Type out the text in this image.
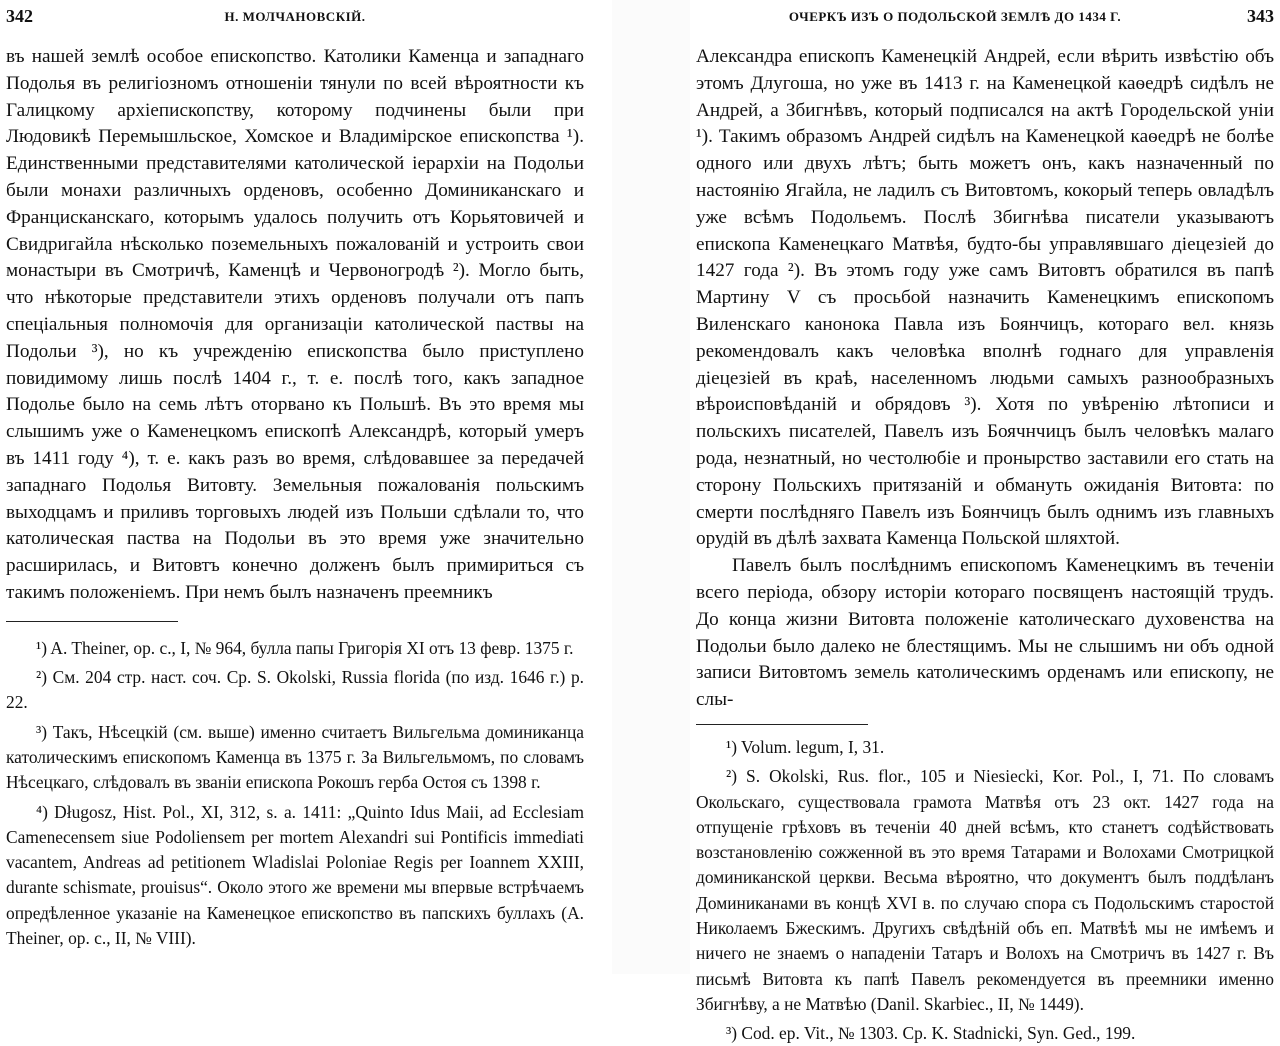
342	Н. МОЛЧАНОВСКІЙ.

въ нашей землѣ особое епископство. Католики Каменца и западнаго Подолья въ религіозномъ отношеніи тянули по всей вѣроятности къ Галицкому архіепископству, которому подчинены были при Людовикѣ Перемышльское, Хомское и Владимірское епископства ¹). Единственными представителями католической іерархіи на Подольи были монахи различныхъ орденовъ, особенно Доминиканскаго и Францисканскаго, которымъ удалось получить отъ Корьятовичей и Свидригайла нѣсколько поземельныхъ пожалованій и устроить свои монастыри въ Смотричѣ, Каменцѣ и Червоногродѣ ²). Могло быть, что нѣкоторые представители этихъ орденовъ получали отъ папъ спеціальныя полномочія для организаціи католической паствы на Подольи ³), но къ учрежденію епископства было приступлено повидимому лишь послѣ 1404 г., т. е. послѣ того, какъ западное Подолье было на семь лѣтъ оторвано къ Польшѣ. Въ это время мы слышимъ уже о Каменецкомъ епископѣ Александрѣ, который умеръ въ 1411 году ⁴), т. е. какъ разъ во время, слѣдовавшее за передачей западнаго Подолья Витовту. Земельныя пожалованія польскимъ выходцамъ и приливъ торговыхъ людей изъ Польши сдѣлали то, что католическая паства на Подольи въ это время уже значительно расширилась, и Витовтъ конечно долженъ былъ примириться съ такимъ положеніемъ. При немъ былъ назначенъ преемникъ

¹) A. Theiner, op. c., I, № 964, булла папы Григорія XI отъ 13 февр. 1375 г.

²) См. 204 стр. наст. соч. Ср. S. Okolski, Russia florida (по изд. 1646 г.) p. 22.

³) Такъ, Нѣсецкій (см. выше) именно считаетъ Вильгельма доминиканца католическимъ епископомъ Каменца въ 1375 г. За Вильгельмомъ, по словамъ Нѣсецкаго, слѣдовалъ въ званіи епископа Рокошъ герба Остоя съ 1398 г.

⁴) Długosz, Hist. Pol., XI, 312, s. a. 1411: „Quinto Idus Maii, ad Ecclesiam Camenecensem siue Podoliensem per mortem Alexandri sui Pontificis immediati vacantem, Andreas ad petitionem Wladislai Poloniae Regis per Ioannem XXIII, durante schismate, prouisus“. Около этого же времени мы впервые встрѣчаемъ опредѣленное указаніе на Каменецкое епископство въ папскихъ буллахъ (A. Theiner, op. c., II, № VIII).

ОЧЕРКЪ ИЗЪ О ПОДОЛЬСКОЙ ЗЕМЛѢ ДО 1434 Г.	343

Александра епископъ Каменецкій Андрей, если вѣрить извѣстію объ этомъ Длугоша, но уже въ 1413 г. на Каменецкой каѳедрѣ сидѣлъ не Андрей, а Збигнѣвъ, который подписался на актѣ Городельской уніи ¹). Такимъ образомъ Андрей сидѣлъ на Каменецкой каѳедрѣ не болѣе одного или двухъ лѣтъ; быть можетъ онъ, какъ назначенный по настоянію Ягайла, не ладилъ съ Витовтомъ, кокорый теперь овладѣлъ уже всѣмъ Подольемъ. Послѣ Збигнѣва писатели указываютъ епископа Каменецкаго Матвѣя, будто-бы управлявшаго діецезіей до 1427 года ²). Въ этомъ году уже самъ Витовтъ обратился въ папѣ Мартину V съ просьбой назначить Каменецкимъ епископомъ Виленскаго канонока Павла изъ Боянчицъ, котораго вел. князь рекомендовалъ какъ человѣка вполнѣ годнаго для управленія діецезіей въ краѣ, населенномъ людьми самыхъ разнообразныхъ вѣроисповѣданій и обрядовъ ³). Хотя по увѣренію лѣтописи и польскихъ писателей, Павелъ изъ Боячнчицъ былъ человѣкъ малаго рода, незнатный, но честолюбіе и пронырство заставили его стать на сторону Польскихъ притязаній и обмануть ожиданія Витовта: по смерти послѣдняго Павелъ изъ Боянчицъ былъ однимъ изъ главныхъ орудій въ дѣлѣ захвата Каменца Польской шляхтой.

Павелъ былъ послѣднимъ епископомъ Каменецкимъ въ теченіи всего періода, обзору исторіи котораго посвященъ настоящій трудъ. До конца жизни Витовта положеніе католическаго духовенства на Подольи было далеко не блестящимъ. Мы не слышимъ ни объ одной записи Витовтомъ земель католическимъ орденамъ или епископу, не слы-

¹) Volum. legum, I, 31.

²) S. Okolski, Rus. flor., 105 и Niesiecki, Kor. Pol., I, 71. По словамъ Окольскаго, существовала грамота Матвѣя отъ 23 окт. 1427 года на отпущеніе грѣховъ въ теченіи 40 дней всѣмъ, кто станетъ содѣйствовать возстановленію сожженной въ это время Татарами и Волохами Смотрицкой доминиканской церкви. Весьма вѣроятно, что документъ былъ поддѣланъ Доминиканами въ концѣ XVI в. по случаю спора съ Подольскимъ старостой Николаемъ Бжескимъ. Другихъ свѣдѣній объ еп. Матвѣѣ мы не имѣемъ и ничего не знаемъ о нападеніи Татаръ и Волохъ на Смотричъ въ 1427 г. Въ письмѣ Витовта къ папѣ Павелъ рекомендуется въ преемники именно Збигнѣву, а не Матвѣю (Danil. Skarbiec., II, № 1449).

³) Cod. ep. Vit., № 1303. Ср. K. Stadnicki, Syn. Ged., 199.
